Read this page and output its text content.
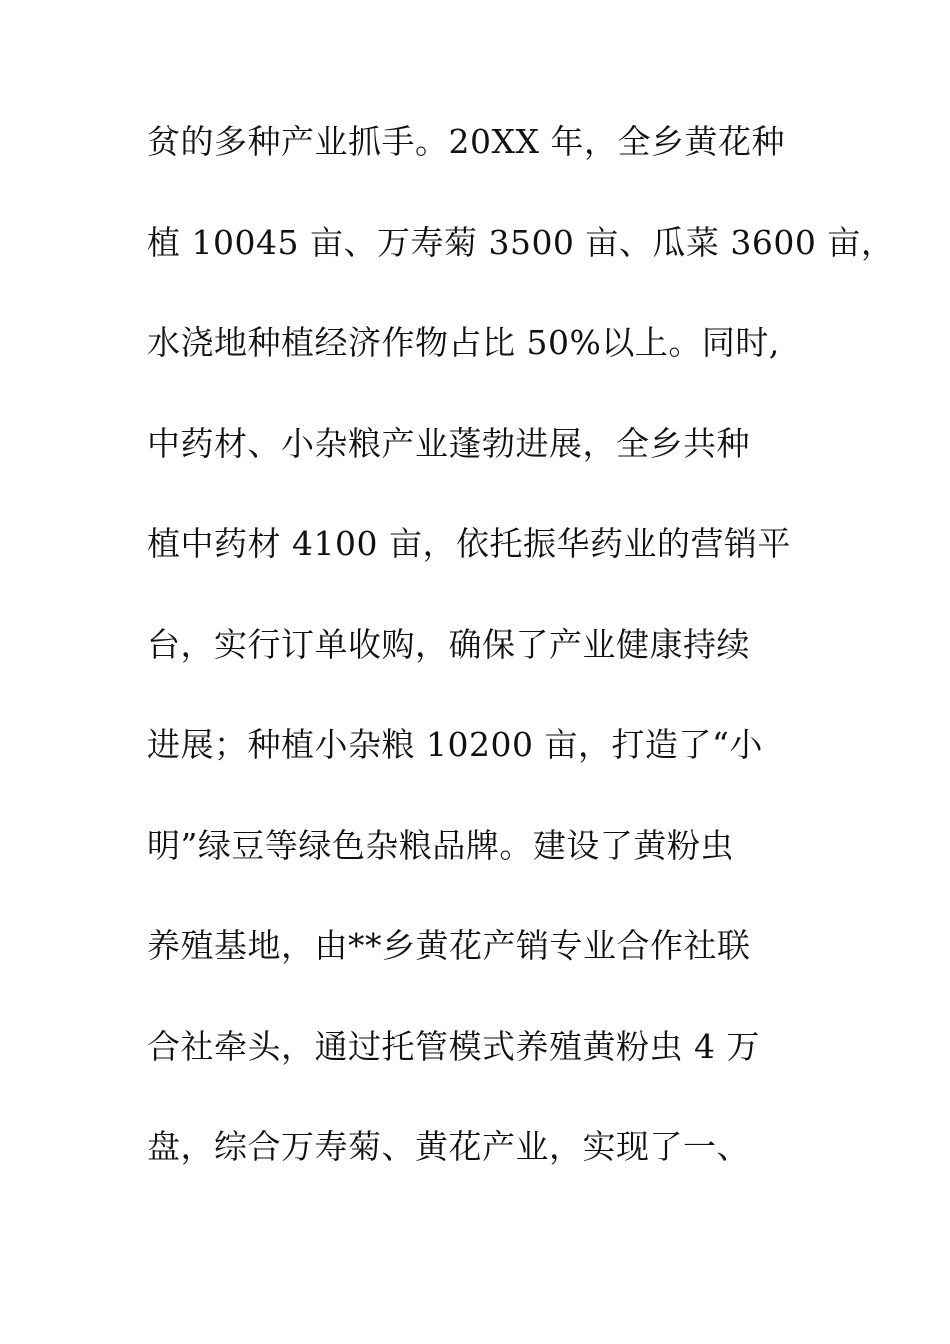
贫的多种产业抓手。20XX 年，全乡黄花种
植 10045 亩、万寿菊 3500 亩、瓜菜 3600 亩，
水浇地种植经济作物占比 50%以上。同时,
中药材、小杂粮产业蓬勃进展，全乡共种
植中药材 4100 亩，依托振华药业的营销平
台，实行订单收购，确保了产业健康持续
进展；种植小杂粮 10200 亩，打造了“小
明”绿豆等绿色杂粮品牌。建设了黄粉虫
养殖基地，由**乡黄花产销专业合作社联
合社牵头，通过托管模式养殖黄粉虫 4 万
盘，综合万寿菊、黄花产业，实现了一、
